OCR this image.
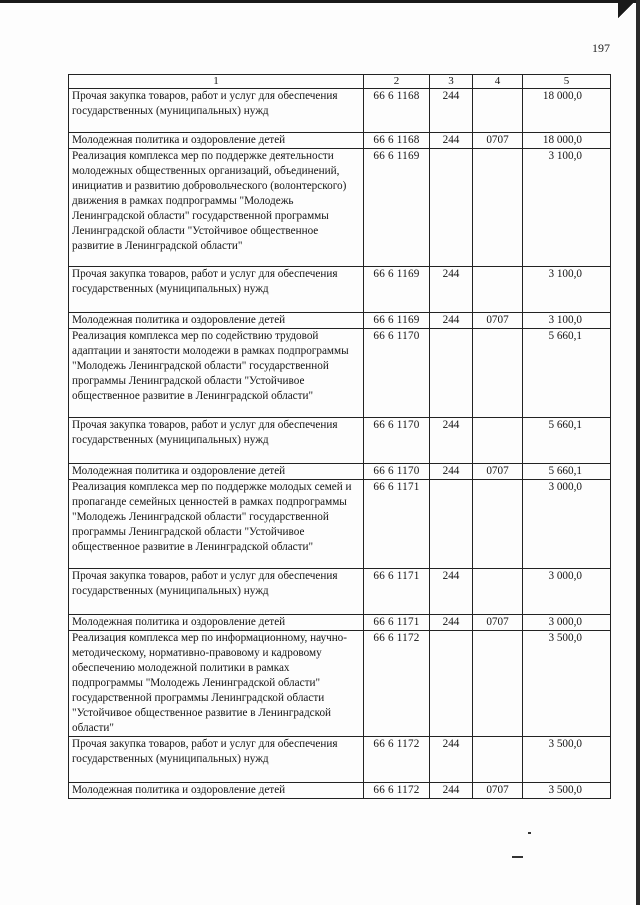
197
1	2	3	4	5
Прочая закупка товаров, работ и услуг для обеспечения государственных (муниципальных) нужд	66 6 1168	244		18 000,0
Молодежная политика и оздоровление детей	66 6 1168	244	0707	18 000,0
Реализация комплекса мер по поддержке деятельности молодежных общественных организаций, объединений, инициатив и развитию добровольческого (волонтерского) движения в рамках подпрограммы "Молодежь Ленинградской области" государственной программы Ленинградской области "Устойчивое общественное развитие в Ленинградской области"	66 6 1169			3 100,0
Прочая закупка товаров, работ и услуг для обеспечения государственных (муниципальных) нужд	66 6 1169	244		3 100,0
Молодежная политика и оздоровление детей	66 6 1169	244	0707	3 100,0
Реализация комплекса мер по содействию трудовой адаптации и занятости молодежи в рамках подпрограммы "Молодежь Ленинградской области" государственной программы Ленинградской области "Устойчивое общественное развитие в Ленинградской области"	66 6 1170			5 660,1
Прочая закупка товаров, работ и услуг для обеспечения государственных (муниципальных) нужд	66 6 1170	244		5 660,1
Молодежная политика и оздоровление детей	66 6 1170	244	0707	5 660,1
Реализация комплекса мер по поддержке молодых семей и пропаганде семейных ценностей в рамках подпрограммы "Молодежь Ленинградской области" государственной программы Ленинградской области "Устойчивое общественное развитие в Ленинградской области"	66 6 1171			3 000,0
Прочая закупка товаров, работ и услуг для обеспечения государственных (муниципальных) нужд	66 6 1171	244		3 000,0
Молодежная политика и оздоровление детей	66 6 1171	244	0707	3 000,0
Реализация комплекса мер по информационному, научно-методическому, нормативно-правовому и кадровому обеспечению молодежной политики в рамках подпрограммы "Молодежь Ленинградской области" государственной программы Ленинградской области "Устойчивое общественное развитие в Ленинградской области"	66 6 1172			3 500,0
Прочая закупка товаров, работ и услуг для обеспечения государственных (муниципальных) нужд	66 6 1172	244		3 500,0
Молодежная политика и оздоровление детей	66 6 1172	244	0707	3 500,0
